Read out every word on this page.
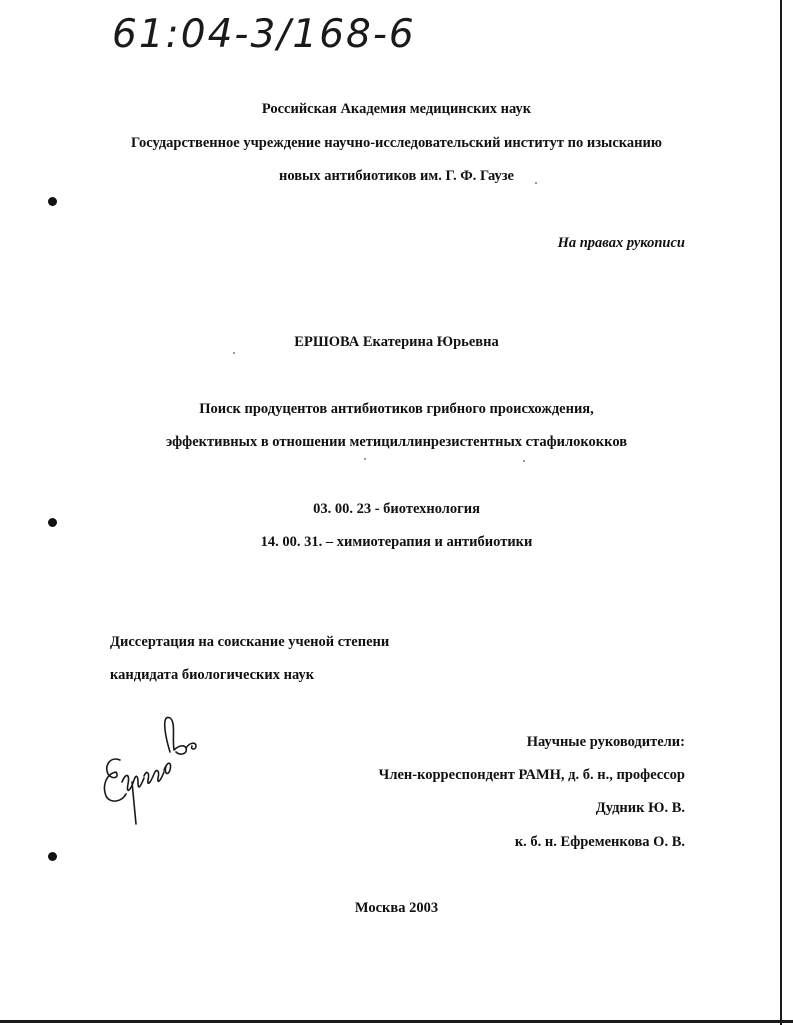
61:04-3/168-6
Российская Академия медицинских наук
Государственное учреждение научно-исследовательский институт по изысканию
новых антибиотиков им. Г. Ф. Гаузе
На правах рукописи
ЕРШОВА Екатерина Юрьевна
Поиск продуцентов антибиотиков грибного происхождения,
эффективных в отношении метициллинрезистентных стафилококков
03. 00. 23 - биотехнология
14. 00. 31. – химиотерапия и антибиотики
Диссертация на соискание ученой степени
кандидата биологических наук
Научные руководители:
Член-корреспондент РАМН, д. б. н., профессор
Дудник Ю. В.
к. б. н. Ефременкова О. В.
Москва 2003
